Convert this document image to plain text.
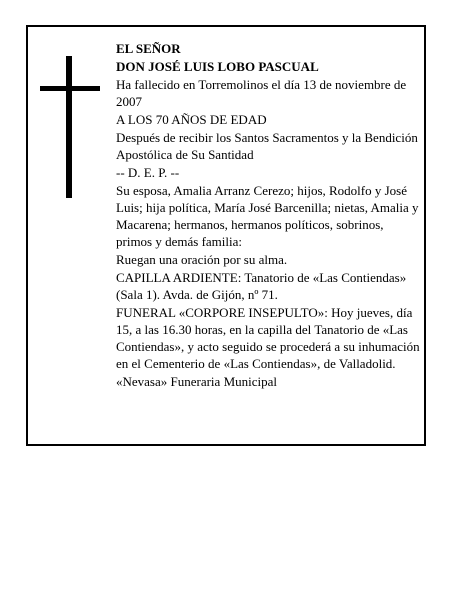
EL SEÑOR

DON JOSÉ LUIS LOBO PASCUAL

Ha fallecido en Torremolinos el día 13 de noviembre de 2007

A LOS 70 AÑOS DE EDAD

Después de recibir los Santos Sacramentos y la Bendición Apostólica de Su Santidad

-- D. E. P. --

Su esposa, Amalia Arranz Cerezo; hijos, Rodolfo y José Luis; hija política, María José Barcenilla; nietas, Amalia y Macarena; hermanos, hermanos políticos, sobrinos, primos y demás familia:

Ruegan una oración por su alma.

CAPILLA ARDIENTE: Tanatorio de «Las Contiendas» (Sala 1). Avda. de Gijón, nº 71.

FUNERAL «CORPORE INSEPULTO»: Hoy jueves, día 15, a las 16.30 horas, en la capilla del Tanatorio de «Las Contiendas», y acto seguido se procederá a su inhumación en el Cementerio de «Las Contiendas», de Valladolid.

«Nevasa» Funeraria Municipal
